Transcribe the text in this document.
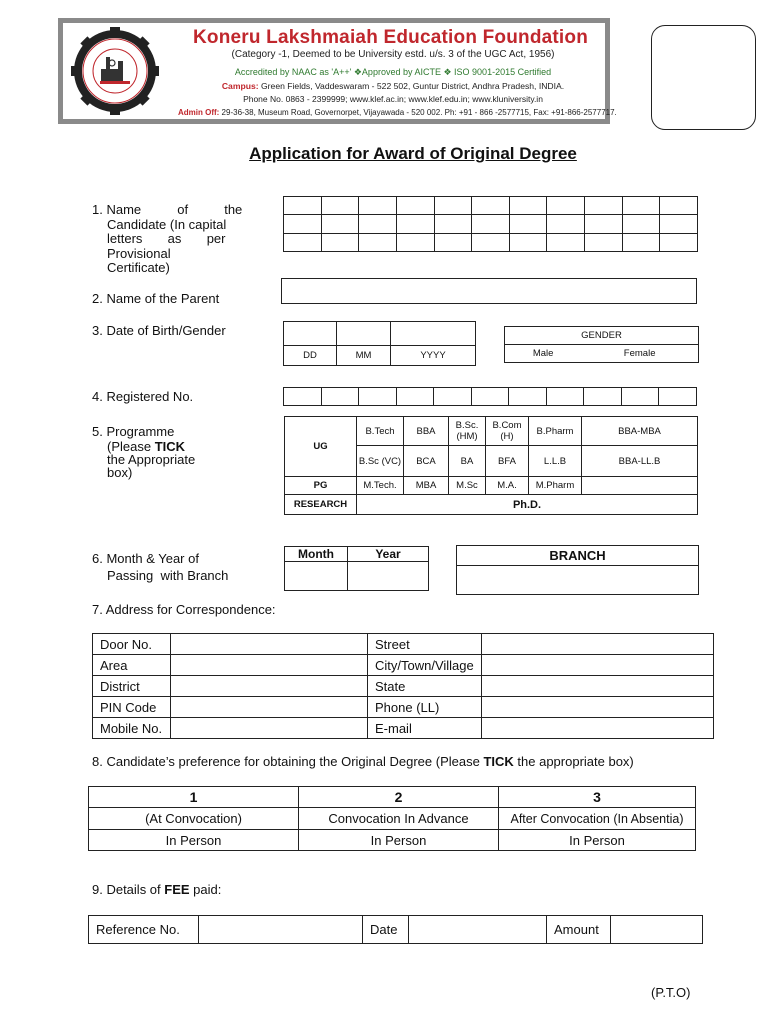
Koneru Lakshmaiah Education Foundation
(Category -1, Deemed to be University estd. u/s. 3 of the UGC Act, 1956)
Accredited by NAAC as 'A++' ❖Approved by AICTE ❖ ISO 9001-2015 Certified
Campus: Green Fields, Vaddeswaram - 522 502, Guntur District, Andhra Pradesh, INDIA.
Phone No. 0863 - 2399999; www.klef.ac.in; www.klef.edu.in; www.kluniversity.in
Admin Off: 29-36-38, Museum Road, Governorpet, Vijayawada - 520 002. Ph: +91 - 866 -2577715, Fax: +91-866-2577717.
Application for Award of Original Degree
1. Name          of          the
Candidate (In capital
letters       as       per
Provisional
Certificate)

2. Name of the Parent
3. Date of Birth/Gender

DD	MM	YYYY
GENDER
Male	Female
4. Registered No.

5. Programme
(Please TICK
the Appropriate
box)
UG	B.Tech	BBA	B.Sc. (HM)	B.Com (H)	B.Pharm	BBA-MBA
	B.Sc (VC)	BCA	BA	BFA	L.L.B	BBA-LL.B
PG	M.Tech.	MBA	M.Sc	M.A.	M.Pharm	
RESEARCH	Ph.D.					
6. Month & Year of
Passing  with Branch
Month	Year
		BRANCH

7. Address for Correspondence:
Door No.		Street	
Area		City/Town/Village	
District		State	
PIN Code		Phone (LL)	
Mobile No.		E-mail	
8. Candidate’s preference for obtaining the Original Degree (Please TICK the appropriate box)
1	2	3
(At Convocation)	Convocation In Advance	After Convocation (In Absentia)
In Person	In Person	In Person
9. Details of FEE paid:
Reference No.		Date		Amount	
(P.T.O)
